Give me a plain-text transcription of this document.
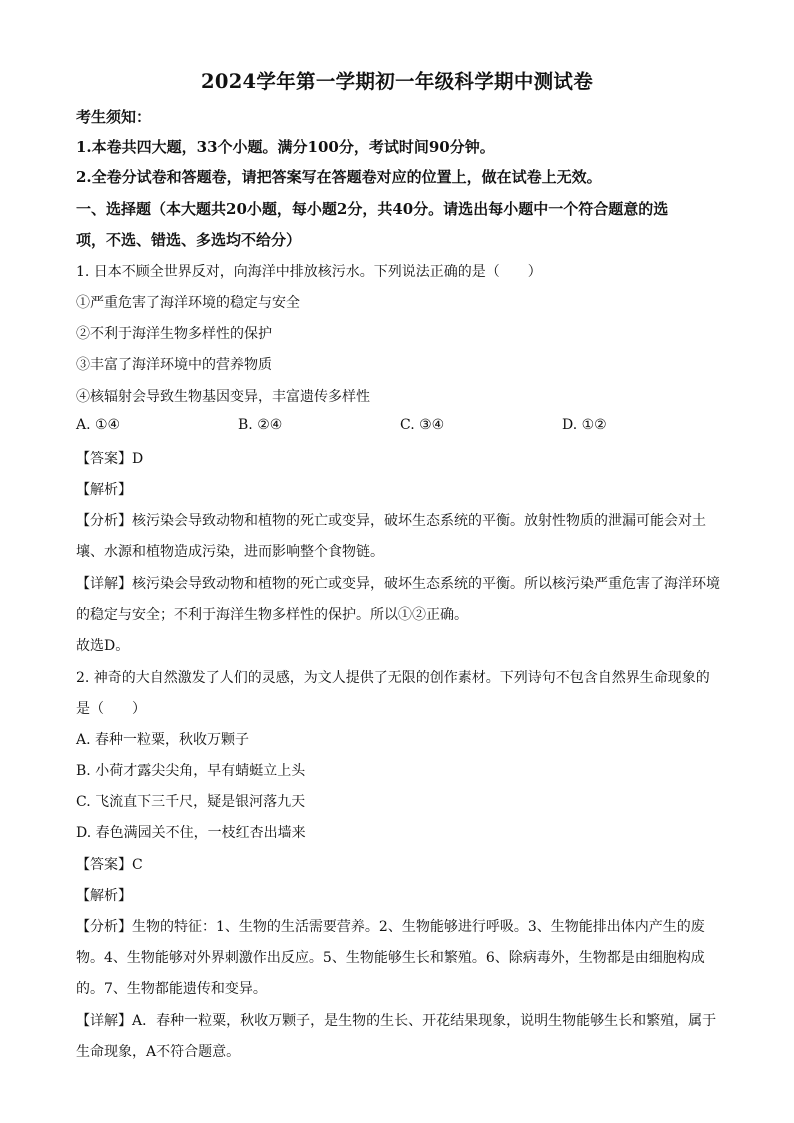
2024学年第一学期初一年级科学期中测试卷
考生须知：
1.本卷共四大题，33个小题。满分100分，考试时间90分钟。
2.全卷分试卷和答题卷，请把答案写在答题卷对应的位置上，做在试卷上无效。
一、选择题（本大题共20小题，每小题2分，共40分。请选出每小题中一个符合题意的选
项，不选、错选、多选均不给分）
1. 日本不顾全世界反对，向海洋中排放核污水。下列说法正确的是（　　）
①严重危害了海洋环境的稳定与安全
②不利于海洋生物多样性的保护
③丰富了海洋环境中的营养物质
④核辐射会导致生物基因变异，丰富遗传多样性
A. ①④	B. ②④	C. ③④	D. ①②
【答案】D
【解析】
【分析】核污染会导致动物和植物的死亡或变异，破坏生态系统的平衡。放射性物质的泄漏可能会对土
壤、水源和植物造成污染，进而影响整个食物链。
【详解】核污染会导致动物和植物的死亡或变异，破坏生态系统的平衡。所以核污染严重危害了海洋环境
的稳定与安全；不利于海洋生物多样性的保护。所以①②正确。
故选D。
2. 神奇的大自然激发了人们的灵感，为文人提供了无限的创作素材。下列诗句不包含自然界生命现象的
是（　　）
A. 春种一粒粟，秋收万颗子
B. 小荷才露尖尖角，早有蜻蜓立上头
C. 飞流直下三千尺，疑是银河落九天
D. 春色满园关不住，一枝红杏出墙来
【答案】C
【解析】
【分析】生物的特征：1、生物的生活需要营养。2、生物能够进行呼吸。3、生物能排出体内产生的废
物。4、生物能够对外界刺激作出反应。5、生物能够生长和繁殖。6、除病毒外，生物都是由细胞构成
的。7、生物都能遗传和变异。
【详解】A．春种一粒粟，秋收万颗子，是生物的生长、开花结果现象，说明生物能够生长和繁殖，属于
生命现象，A不符合题意。
